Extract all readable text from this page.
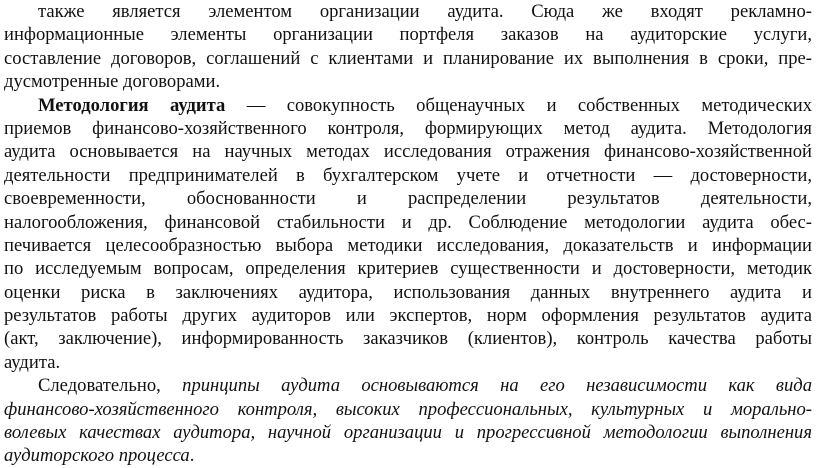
также является элементом организации аудита. Сюда же входят рекламно-
информационные элементы организации портфеля заказов на аудиторские услуги,
составление договоров, соглашений с клиентами и планирование их выполнения в сроки, пре-
дусмотренные договорами.
Методология аудита — совокупность общенаучных и собственных методических
приемов финансово-хозяйственного контроля, формирующих метод аудита. Методология
аудита основывается на научных методах исследования отражения финансово-хозяйственной
деятельности предпринимателей в бухгалтерском учете и отчетности — достоверности,
своевременности, обоснованности и распределении результатов деятельности,
налогообложения, финансовой стабильности и др. Соблюдение методологии аудита обес-
печивается целесообразностью выбора методики исследования, доказательств и информации
по исследуемым вопросам, определения критериев существенности и достоверности, методик
оценки риска в заключениях аудитора, использования данных внутреннего аудита и
результатов работы других аудиторов или экспертов, норм оформления результатов аудита
(акт, заключение), информированность заказчиков (клиентов), контроль качества работы
аудита.
Следовательно, принципы аудита основываются на его независимости как вида
финансово-хозяйственного контроля, высоких профессиональных, культурных и морально-
волевых качествах аудитора, научной организации и прогрессивной методологии выполнения
аудиторского процесса.
